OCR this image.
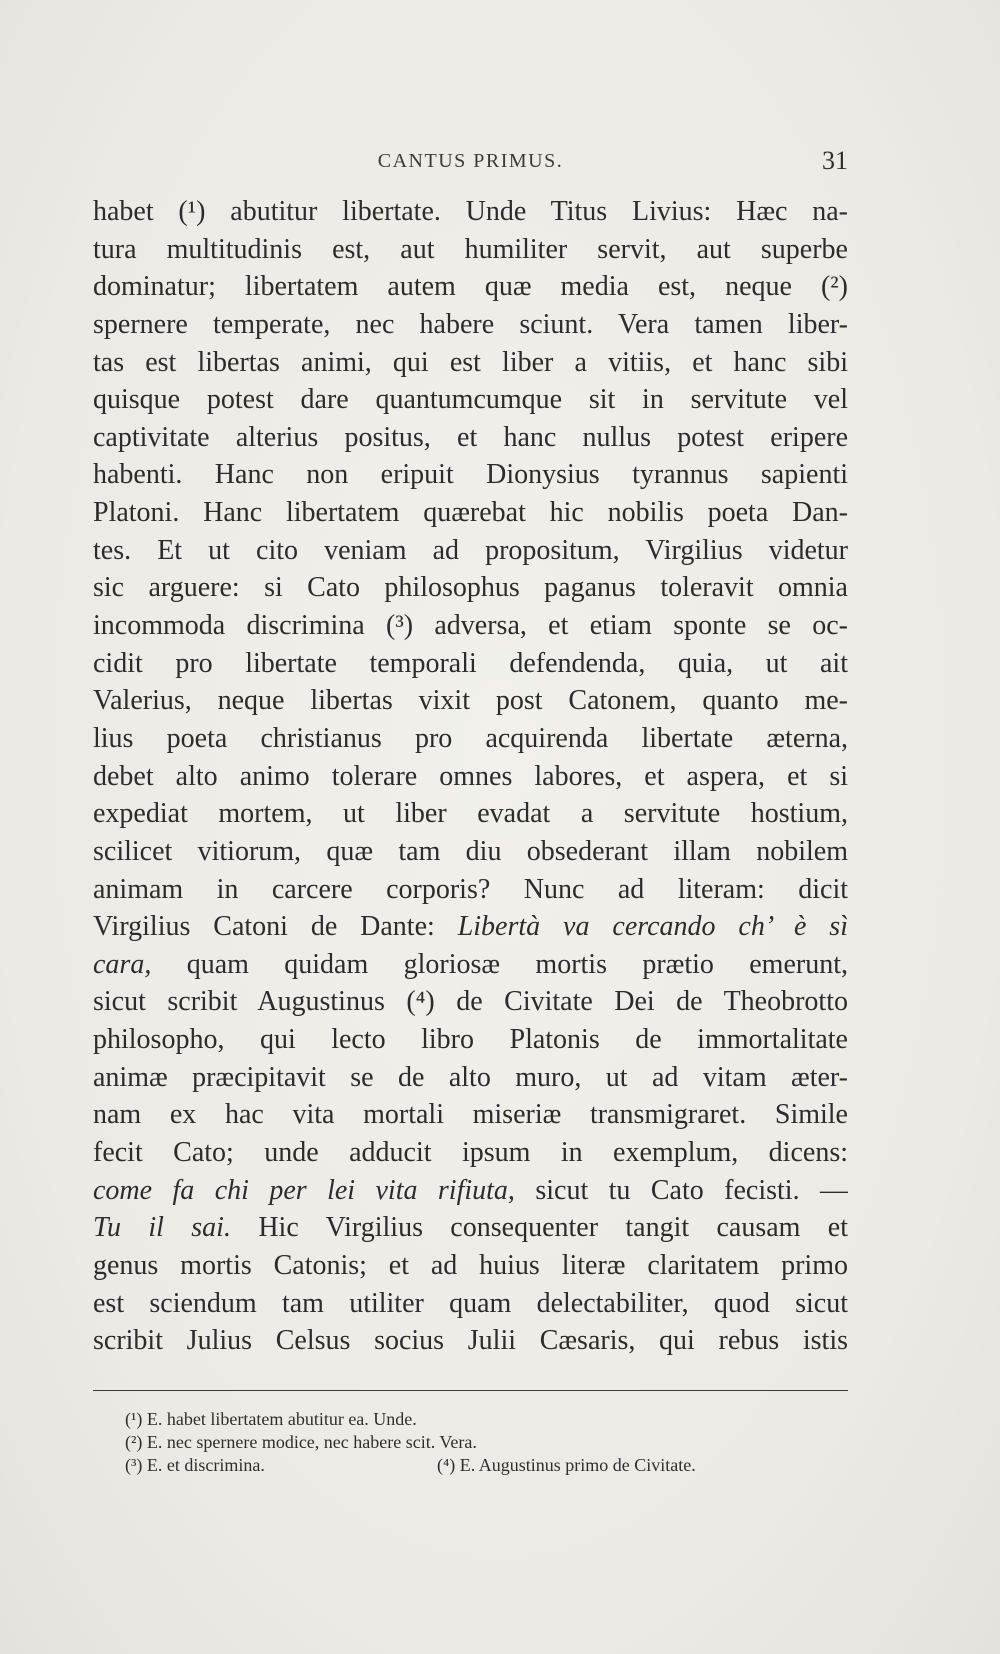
CANTUS PRIMUS.	31
habet (¹) abutitur libertate. Unde Titus Livius: Hæc na-
tura multitudinis est, aut humiliter servit, aut superbe
dominatur; libertatem autem quæ media est, neque (²)
spernere temperate, nec habere sciunt. Vera tamen liber-
tas est libertas animi, qui est liber a vitiis, et hanc sibi
quisque potest dare quantumcumque sit in servitute vel
captivitate alterius positus, et hanc nullus potest eripere
habenti. Hanc non eripuit Dionysius tyrannus sapienti
Platoni. Hanc libertatem quærebat hic nobilis poeta Dan-
tes. Et ut cito veniam ad propositum, Virgilius videtur
sic arguere: si Cato philosophus paganus toleravit omnia
incommoda discrimina (³) adversa, et etiam sponte se oc-
cidit pro libertate temporali defendenda, quia, ut ait
Valerius, neque libertas vixit post Catonem, quanto me-
lius poeta christianus pro acquirenda libertate æterna,
debet alto animo tolerare omnes labores, et aspera, et si
expediat mortem, ut liber evadat a servitute hostium,
scilicet vitiorum, quæ tam diu obsederant illam nobilem
animam in carcere corporis? Nunc ad literam: dicit
Virgilius Catoni de Dante: Libertà va cercando ch’ è sì
cara, quam quidam gloriosæ mortis prætio emerunt,
sicut scribit Augustinus (⁴) de Civitate Dei de Theobrotto
philosopho, qui lecto libro Platonis de immortalitate
animæ præcipitavit se de alto muro, ut ad vitam æter-
nam ex hac vita mortali miseriæ transmigraret. Simile
fecit Cato; unde adducit ipsum in exemplum, dicens:
come fa chi per lei vita rifiuta, sicut tu Cato fecisti. —
Tu il sai. Hic Virgilius consequenter tangit causam et
genus mortis Catonis; et ad huius literæ claritatem primo
est sciendum tam utiliter quam delectabiliter, quod sicut
scribit Julius Celsus socius Julii Cæsaris, qui rebus istis
(¹) E. habet libertatem abutitur ea. Unde.
(²) E. nec spernere modice, nec habere scit. Vera.
(³) E. et discrimina.	(⁴) E. Augustinus primo de Civitate.
